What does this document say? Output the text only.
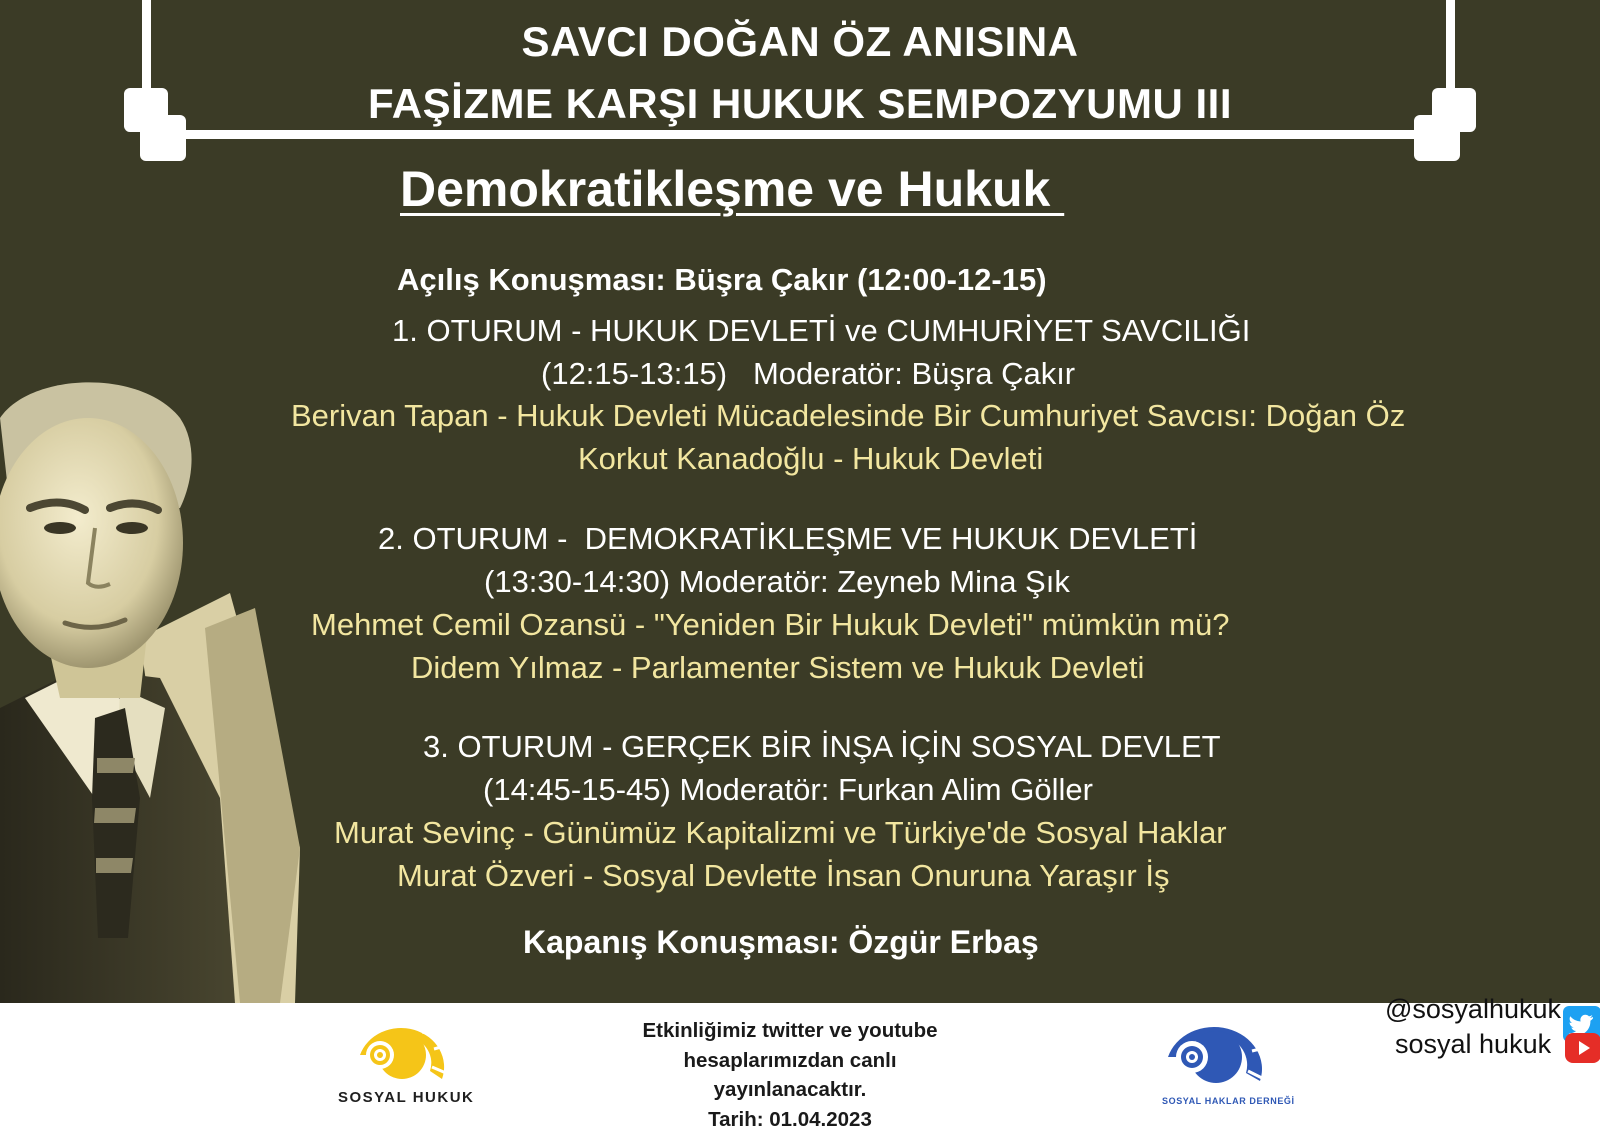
SAVCI DOĞAN ÖZ ANISINA
FAŞİZME KARŞI HUKUK SEMPOZYUMU III
Demokratikleşme ve Hukuk
Açılış Konuşması: Büşra Çakır (12:00-12-15)
1. OTURUM - HUKUK DEVLETİ ve CUMHURİYET SAVCILIĞI
(12:15-13:15)   Moderatör: Büşra Çakır
Berivan Tapan - Hukuk Devleti Mücadelesinde Bir Cumhuriyet Savcısı: Doğan Öz
Korkut Kanadoğlu - Hukuk Devleti
2. OTURUM -  DEMOKRATİKLEŞME VE HUKUK DEVLETİ
(13:30-14:30) Moderatör: Zeyneb Mina Şık
Mehmet Cemil Ozansü - "Yeniden Bir Hukuk Devleti" mümkün mü?
Didem Yılmaz - Parlamenter Sistem ve Hukuk Devleti
3. OTURUM - GERÇEK BİR İNŞA İÇİN SOSYAL DEVLET
(14:45-15-45) Moderatör: Furkan Alim Göller
Murat Sevinç - Günümüz Kapitalizmi ve Türkiye'de Sosyal Haklar
Murat Özveri - Sosyal Devlette İnsan Onuruna Yaraşır İş
Kapanış Konuşması: Özgür Erbaş
SOSYAL HUKUK
Etkinliğimiz twitter ve youtube
hesaplarımızdan canlı
yayınlanacaktır.
Tarih: 01.04.2023
SOSYAL HAKLAR DERNEĞİ
@sosyalhukuk
sosyal hukuk
